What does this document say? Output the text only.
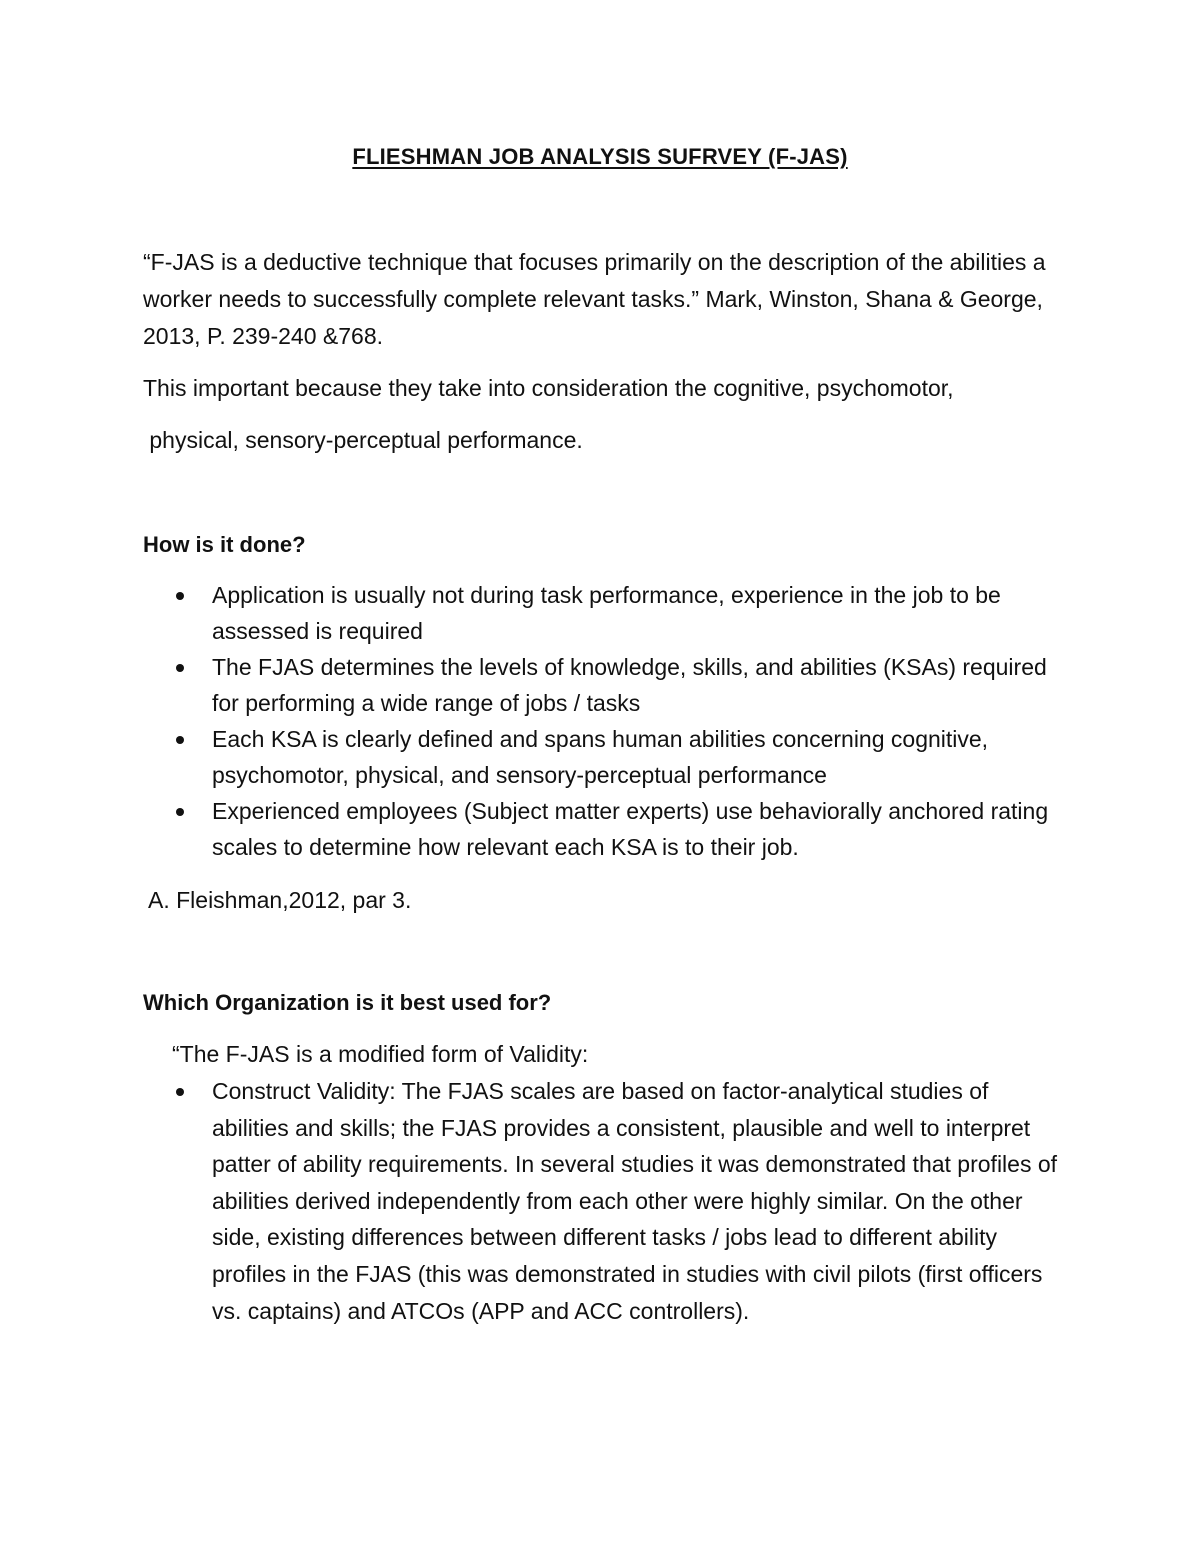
FLIESHMAN JOB ANALYSIS SUFRVEY (F-JAS)

“F-JAS is a deductive technique that focuses primarily on the description of the abilities a worker needs to successfully complete relevant tasks.” Mark, Winston, Shana & George, 2013, P. 239-240 &768.

This important because they take into consideration the cognitive, psychomotor,

physical, sensory-perceptual performance.

How is it done?
Application is usually not during task performance, experience in the job to be assessed is required
The FJAS determines the levels of knowledge, skills, and abilities (KSAs) required for performing a wide range of jobs / tasks
Each KSA is clearly defined and spans human abilities concerning cognitive, psychomotor, physical, and sensory-perceptual performance
Experienced employees (Subject matter experts) use behaviorally anchored rating scales to determine how relevant each KSA is to their job.

A. Fleishman,2012, par 3.

Which Organization is it best used for?

“The F-JAS is a modified form of Validity:

Construct Validity: The FJAS scales are based on factor-analytical studies of abilities and skills; the FJAS provides a consistent, plausible and well to interpret patter of ability requirements. In several studies it was demonstrated that profiles of abilities derived independently from each other were highly similar. On the other side, existing differences between different tasks / jobs lead to different ability profiles in the FJAS (this was demonstrated in studies with civil pilots (first officers vs. captains) and ATCOs (APP and ACC controllers).
